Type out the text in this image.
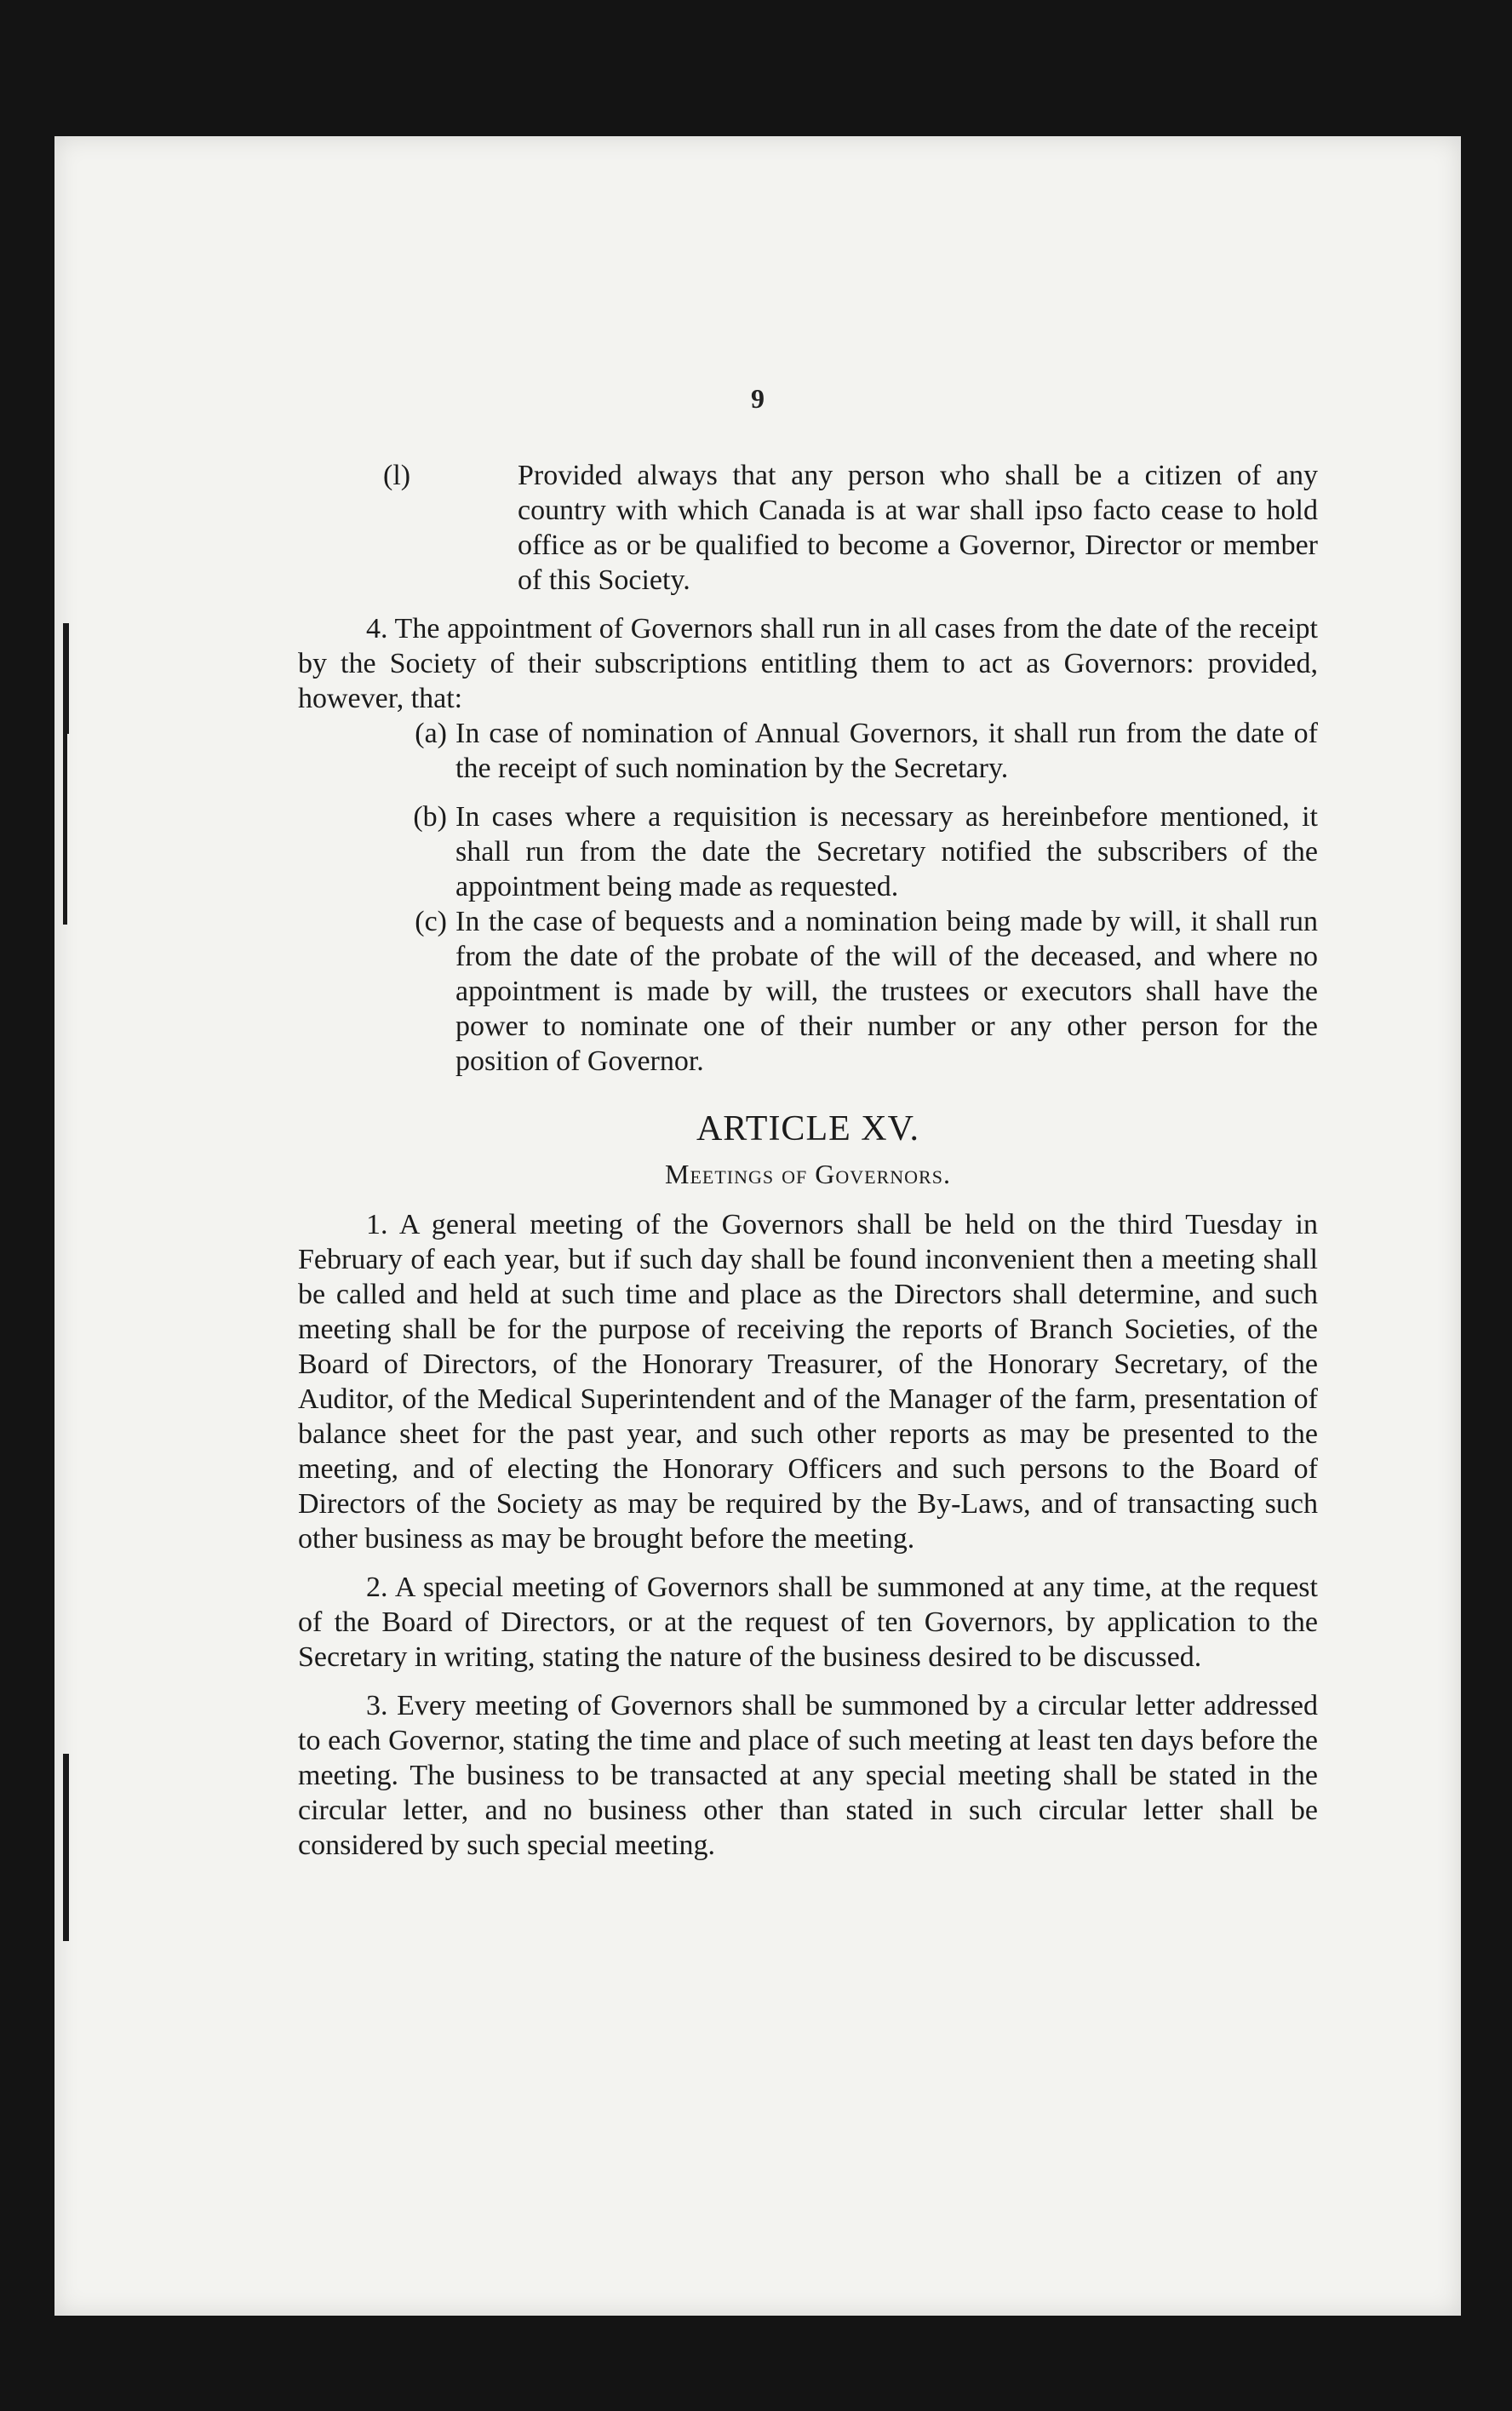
9
(l)	Provided always that any person who shall be a citizen of any country with which Canada is at war shall ipso facto cease to hold office as or be qualified to become a Governor, Director or member of this Society.
4. The appointment of Governors shall run in all cases from the date of the receipt by the Society of their subscriptions entitling them to act as Governors: provided, however, that:
(a) In case of nomination of Annual Governors, it shall run from the date of the receipt of such nomination by the Secretary.
(b) In cases where a requisition is necessary as hereinbefore mentioned, it shall run from the date the Secretary notified the subscribers of the appointment being made as requested.
(c) In the case of bequests and a nomination being made by will, it shall run from the date of the probate of the will of the deceased, and where no appointment is made by will, the trustees or executors shall have the power to nominate one of their number or any other person for the position of Governor.
ARTICLE XV.
Meetings of Governors.
1. A general meeting of the Governors shall be held on the third Tuesday in February of each year, but if such day shall be found inconvenient then a meeting shall be called and held at such time and place as the Directors shall determine, and such meeting shall be for the purpose of receiving the reports of Branch Societies, of the Board of Directors, of the Honorary Treasurer, of the Honorary Secretary, of the Auditor, of the Medical Superintendent and of the Manager of the farm, presentation of balance sheet for the past year, and such other reports as may be presented to the meeting, and of electing the Honorary Officers and such persons to the Board of Directors of the Society as may be required by the By-Laws, and of transacting such other business as may be brought before the meeting.
2. A special meeting of Governors shall be summoned at any time, at the request of the Board of Directors, or at the request of ten Governors, by application to the Secretary in writing, stating the nature of the business desired to be discussed.
3. Every meeting of Governors shall be summoned by a circular letter addressed to each Governor, stating the time and place of such meeting at least ten days before the meeting. The business to be transacted at any special meeting shall be stated in the circular letter, and no business other than stated in such circular letter shall be considered by such special meeting.
